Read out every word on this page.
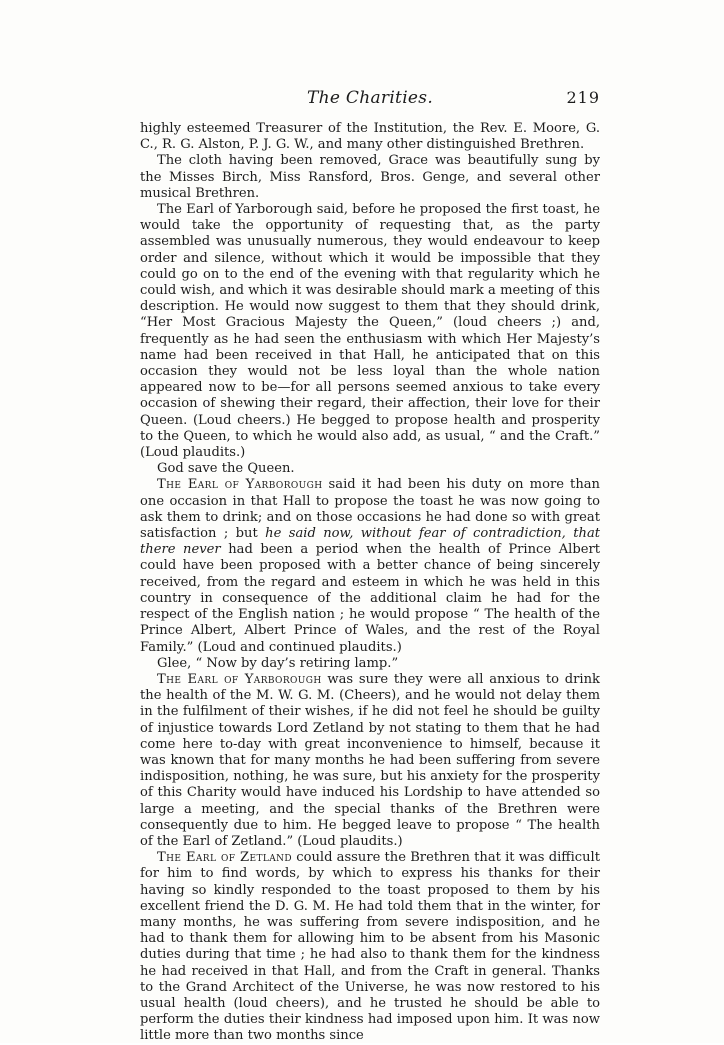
The Charities.	219

highly esteemed Treasurer of the Institution, the Rev. E. Moore, G. C., R. G. Alston, P. J. G. W., and many other distinguished Brethren.

The cloth having been removed, Grace was beautifully sung by the Misses Birch, Miss Ransford, Bros. Genge, and several other musical Brethren.

The Earl of Yarborough said, before he proposed the first toast, he would take the opportunity of requesting that, as the party assembled was unusually numerous, they would endeavour to keep order and silence, without which it would be impossible that they could go on to the end of the evening with that regularity which he could wish, and which it was desirable should mark a meeting of this description. He would now suggest to them that they should drink, “Her Most Gracious Majesty the Queen,” (loud cheers ;) and, frequently as he had seen the enthusiasm with which Her Majesty’s name had been received in that Hall, he anticipated that on this occasion they would not be less loyal than the whole nation appeared now to be—for all persons seemed anxious to take every occasion of shewing their regard, their affection, their love for their Queen. (Loud cheers.) He begged to propose health and prosperity to the Queen, to which he would also add, as usual, “ and the Craft.” (Loud plaudits.)

God save the Queen.

The Earl of Yarborough said it had been his duty on more than one occasion in that Hall to propose the toast he was now going to ask them to drink; and on those occasions he had done so with great satisfaction ; but he said now, without fear of contradiction, that there never had been a period when the health of Prince Albert could have been proposed with a better chance of being sincerely received, from the regard and esteem in which he was held in this country in consequence of the additional claim he had for the respect of the English nation ; he would propose “ The health of the Prince Albert, Albert Prince of Wales, and the rest of the Royal Family.” (Loud and continued plaudits.)

Glee, “ Now by day’s retiring lamp.”

The Earl of Yarborough was sure they were all anxious to drink the health of the M. W. G. M. (Cheers), and he would not delay them in the fulfilment of their wishes, if he did not feel he should be guilty of injustice towards Lord Zetland by not stating to them that he had come here to-day with great inconvenience to himself, because it was known that for many months he had been suffering from severe indisposition, nothing, he was sure, but his anxiety for the prosperity of this Charity would have induced his Lordship to have attended so large a meeting, and the special thanks of the Brethren were consequently due to him. He begged leave to propose “ The health of the Earl of Zetland.” (Loud plaudits.)

The Earl of Zetland could assure the Brethren that it was difficult for him to find words, by which to express his thanks for their having so kindly responded to the toast proposed to them by his excellent friend the D. G. M. He had told them that in the winter, for many months, he was suffering from severe indisposition, and he had to thank them for allowing him to be absent from his Masonic duties during that time ; he had also to thank them for the kindness he had received in that Hall, and from the Craft in general. Thanks to the Grand Architect of the Universe, he was now restored to his usual health (loud cheers), and he trusted he should be able to perform the duties their kindness had imposed upon him. It was now little more than two months since
